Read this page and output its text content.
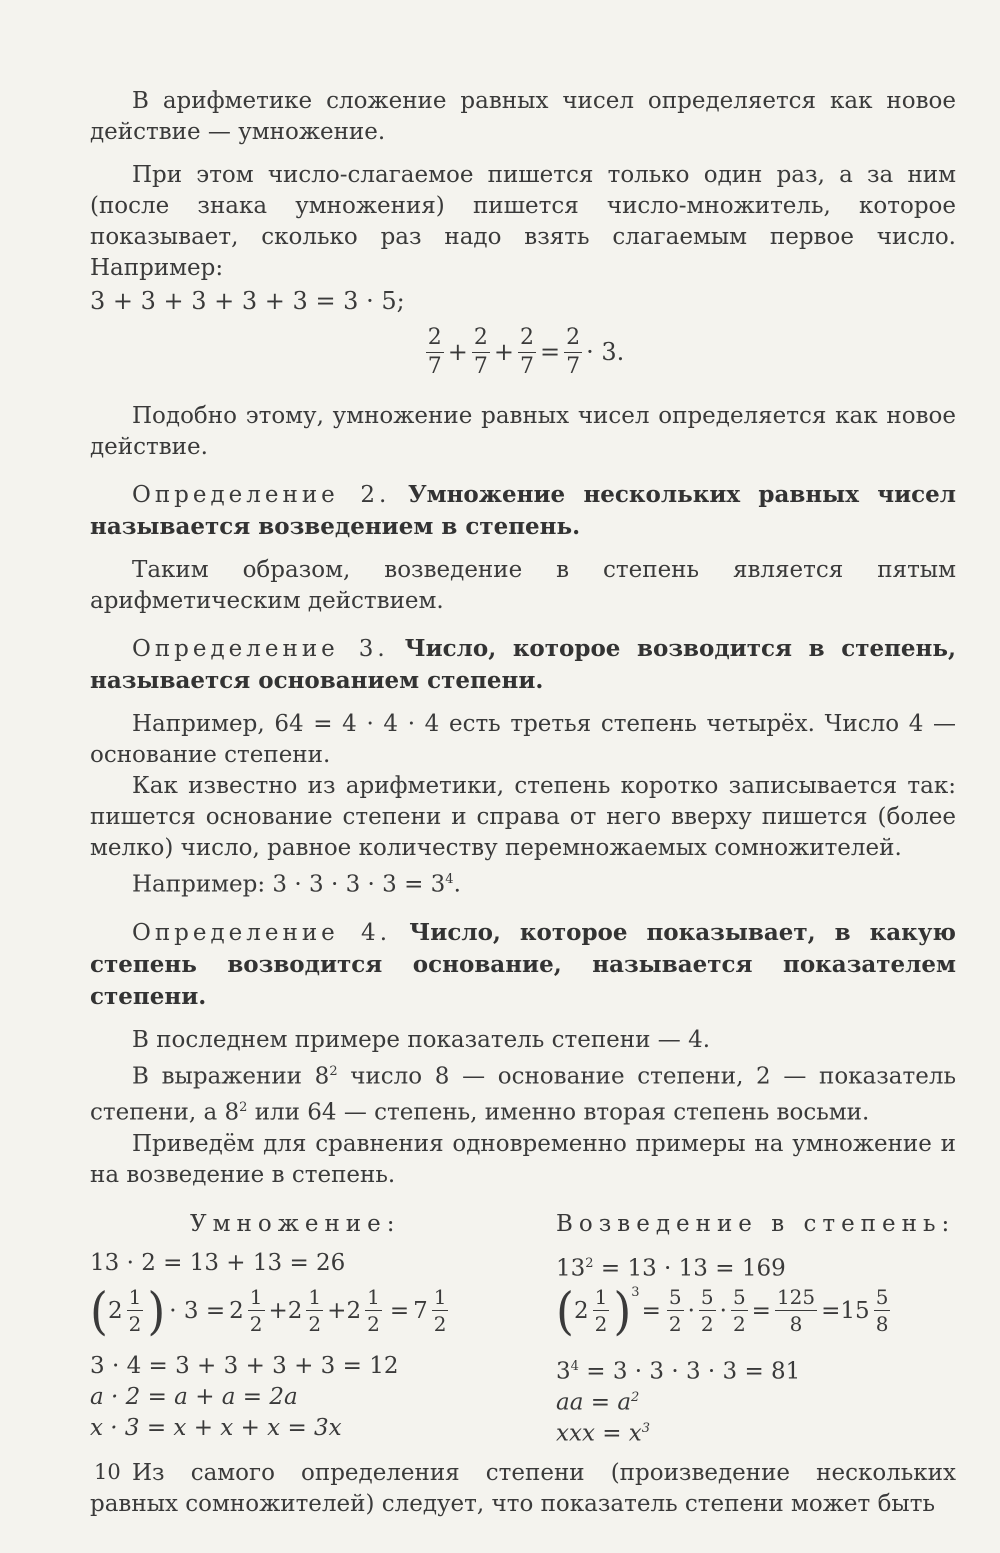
В арифметике сложение равных чисел определяется как новое действие — умножение.

При этом число-слагаемое пишется только один раз, а за ним (после знака умножения) пишется число-множитель, которое показывает, сколько раз надо взять слагаемым первое число. Например:

3 + 3 + 3 + 3 + 3 = 3 · 5;

$\frac{2}{7} + \frac{2}{7} + \frac{2}{7} = \frac{2}{7} \cdot 3$.

Подобно этому, умножение равных чисел определяется как новое действие.

Определение 2. Умножение нескольких равных чисел называется возведением в степень.

Таким образом, возведение в степень является пятым арифметическим действием.

Определение 3. Число, которое возводится в степень, называется основанием степени.

Например, 64 = 4 · 4 · 4 есть третья степень четырёх. Число 4 — основание степени.

Как известно из арифметики, степень коротко записывается так: пишется основание степени и справа от него вверху пишется (более мелко) число, равное количеству перемножаемых сомножителей.

Например: $3 \cdot 3 \cdot 3 \cdot 3 = 3^4$.

Определение 4. Число, которое показывает, в какую степень возводится основание, называется показателем степени.

В последнем примере показатель степени — 4.

В выражении $8^2$ число 8 — основание степени, 2 — показатель степени, а $8^2$ или 64 — степень, именно вторая степень восьми.

Приведём для сравнения одновременно примеры на умножение и на возведение в степень.

Умножение:
13 · 2 = 13 + 13 = 26
( $2 \frac{1}{2}$ ) · $3 = 2 \frac{1}{2} + 2 \frac{1}{2} + 2 \frac{1}{2} = 7 \frac{1}{2}$
3 · 4 = 3 + 3 + 3 + 3 = 12
a · 2 = a + a = 2a
x · 3 = x + x + x = 3x
Возведение в степень:
$13^2 = 13 \cdot 13 = 169$
( $2 \frac{1}{2} )^3$
= $\frac{5}{2} \cdot \frac{5}{2} \cdot \frac{5}{2} = \frac{125}{8} = 15 \frac{5}{8}$
$3^4 = 3 \cdot 3 \cdot 3 \cdot 3 = 81$
aa = $a^2$
xxx = $x^3$

Из самого определения степени (произведение нескольких равных сомножителей) следует, что показатель степени может быть

10
